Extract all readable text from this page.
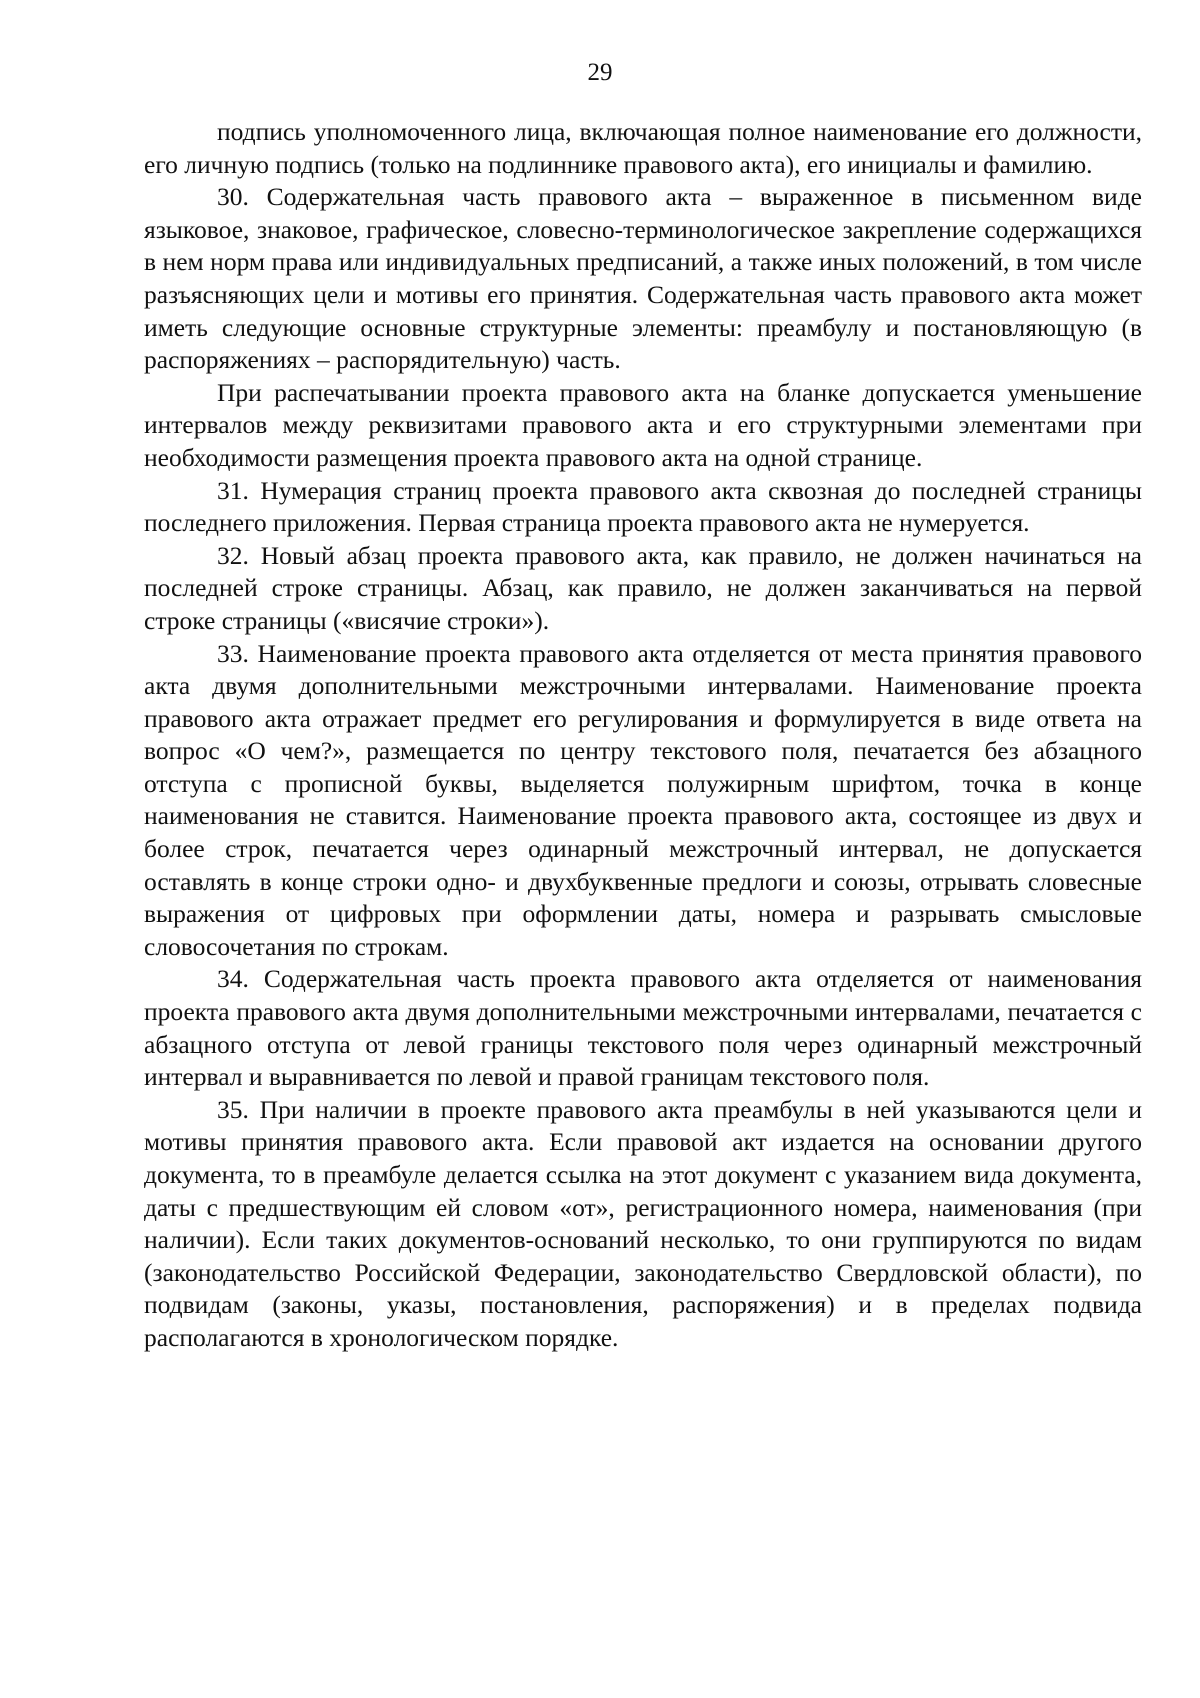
29

подпись уполномоченного лица, включающая полное наименование его должности, его личную подпись (только на подлиннике правового акта), его инициалы и фамилию.

30. Содержательная часть правового акта – выраженное в письменном виде языковое, знаковое, графическое, словесно-терминологическое закрепление содержащихся в нем норм права или индивидуальных предписаний, а также иных положений, в том числе разъясняющих цели и мотивы его принятия. Содержательная часть правового акта может иметь следующие основные структурные элементы: преамбулу и постановляющую (в распоряжениях – распорядительную) часть.

При распечатывании проекта правового акта на бланке допускается уменьшение интервалов между реквизитами правового акта и его структурными элементами при необходимости размещения проекта правового акта на одной странице.

31. Нумерация страниц проекта правового акта сквозная до последней страницы последнего приложения. Первая страница проекта правового акта не нумеруется.

32. Новый абзац проекта правового акта, как правило, не должен начинаться на последней строке страницы. Абзац, как правило, не должен заканчиваться на первой строке страницы («висячие строки»).

33. Наименование проекта правового акта отделяется от места принятия правового акта двумя дополнительными межстрочными интервалами. Наименование проекта правового акта отражает предмет его регулирования и формулируется в виде ответа на вопрос «О чем?», размещается по центру текстового поля, печатается без абзацного отступа с прописной буквы, выделяется полужирным шрифтом, точка в конце наименования не ставится. Наименование проекта правового акта, состоящее из двух и более строк, печатается через одинарный межстрочный интервал, не допускается оставлять в конце строки одно- и двухбуквенные предлоги и союзы, отрывать словесные выражения от цифровых при оформлении даты, номера и разрывать смысловые словосочетания по строкам.

34. Содержательная часть проекта правового акта отделяется от наименования проекта правового акта двумя дополнительными межстрочными интервалами, печатается с абзацного отступа от левой границы текстового поля через одинарный межстрочный интервал и выравнивается по левой и правой границам текстового поля.

35. При наличии в проекте правового акта преамбулы в ней указываются цели и мотивы принятия правового акта. Если правовой акт издается на основании другого документа, то в преамбуле делается ссылка на этот документ с указанием вида документа, даты с предшествующим ей словом «от», регистрационного номера, наименования (при наличии). Если таких документов-оснований несколько, то они группируются по видам (законодательство Российской Федерации, законодательство Свердловской области), по подвидам (законы, указы, постановления, распоряжения) и в пределах подвида располагаются в хронологическом порядке.
